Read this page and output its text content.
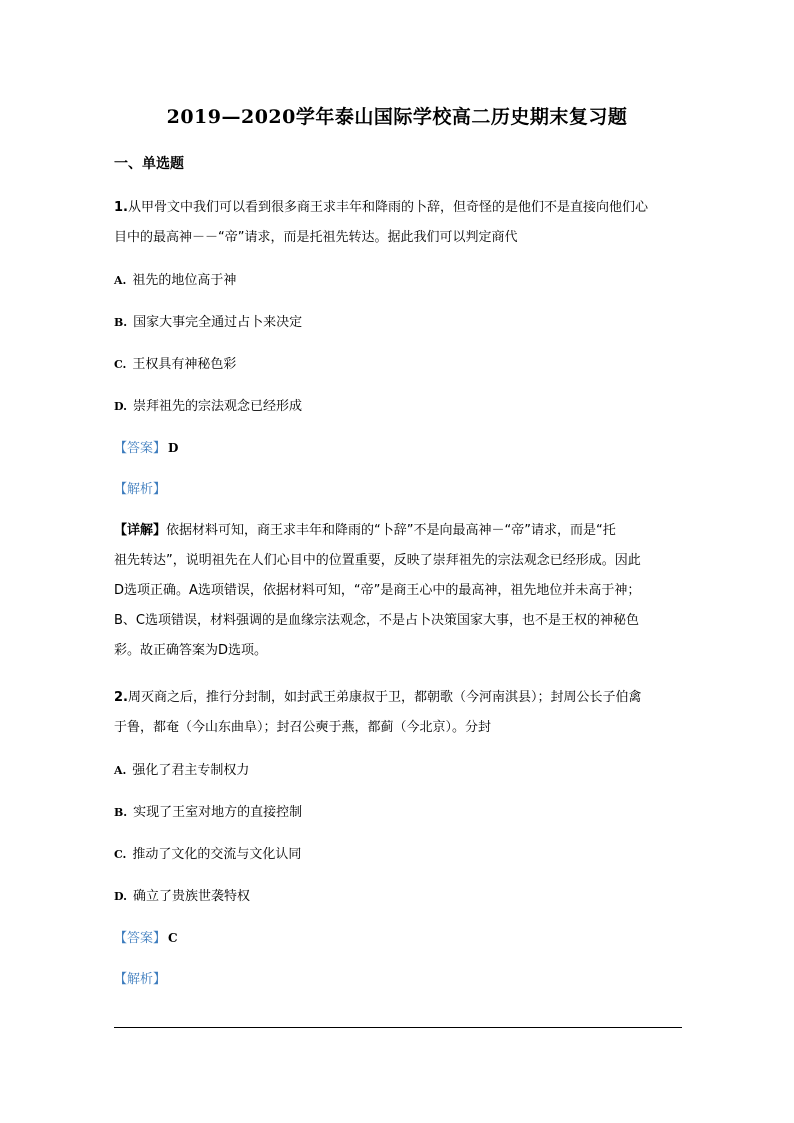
2019—2020学年泰山国际学校高二历史期末复习题
一、单选题
1.从甲骨文中我们可以看到很多商王求丰年和降雨的卜辞，但奇怪的是他们不是直接向他们心
目中的最高神－－“帝”请求，而是托祖先转达。据此我们可以判定商代
A. 祖先的地位高于神
B. 国家大事完全通过占卜来决定
C. 王权具有神秘色彩
D. 崇拜祖先的宗法观念已经形成
【答案】 D
【解析】
【详解】依据材料可知，商王求丰年和降雨的“卜辞”不是向最高神－“帝”请求，而是“托
祖先转达”，说明祖先在人们心目中的位置重要，反映了崇拜祖先的宗法观念已经形成。因此
D选项正确。A选项错误，依据材料可知，“帝”是商王心中的最高神，祖先地位并未高于神；
B、C选项错误，材料强调的是血缘宗法观念，不是占卜决策国家大事，也不是王权的神秘色
彩。故正确答案为D选项。
2.周灭商之后，推行分封制，如封武王弟康叔于卫，都朝歌（今河南淇县）；封周公长子伯禽
于鲁，都奄（今山东曲阜）；封召公奭于燕，都蓟（今北京）。分封
A. 强化了君主专制权力
B. 实现了王室对地方的直接控制
C. 推动了文化的交流与文化认同
D. 确立了贵族世袭特权
【答案】 C
【解析】
